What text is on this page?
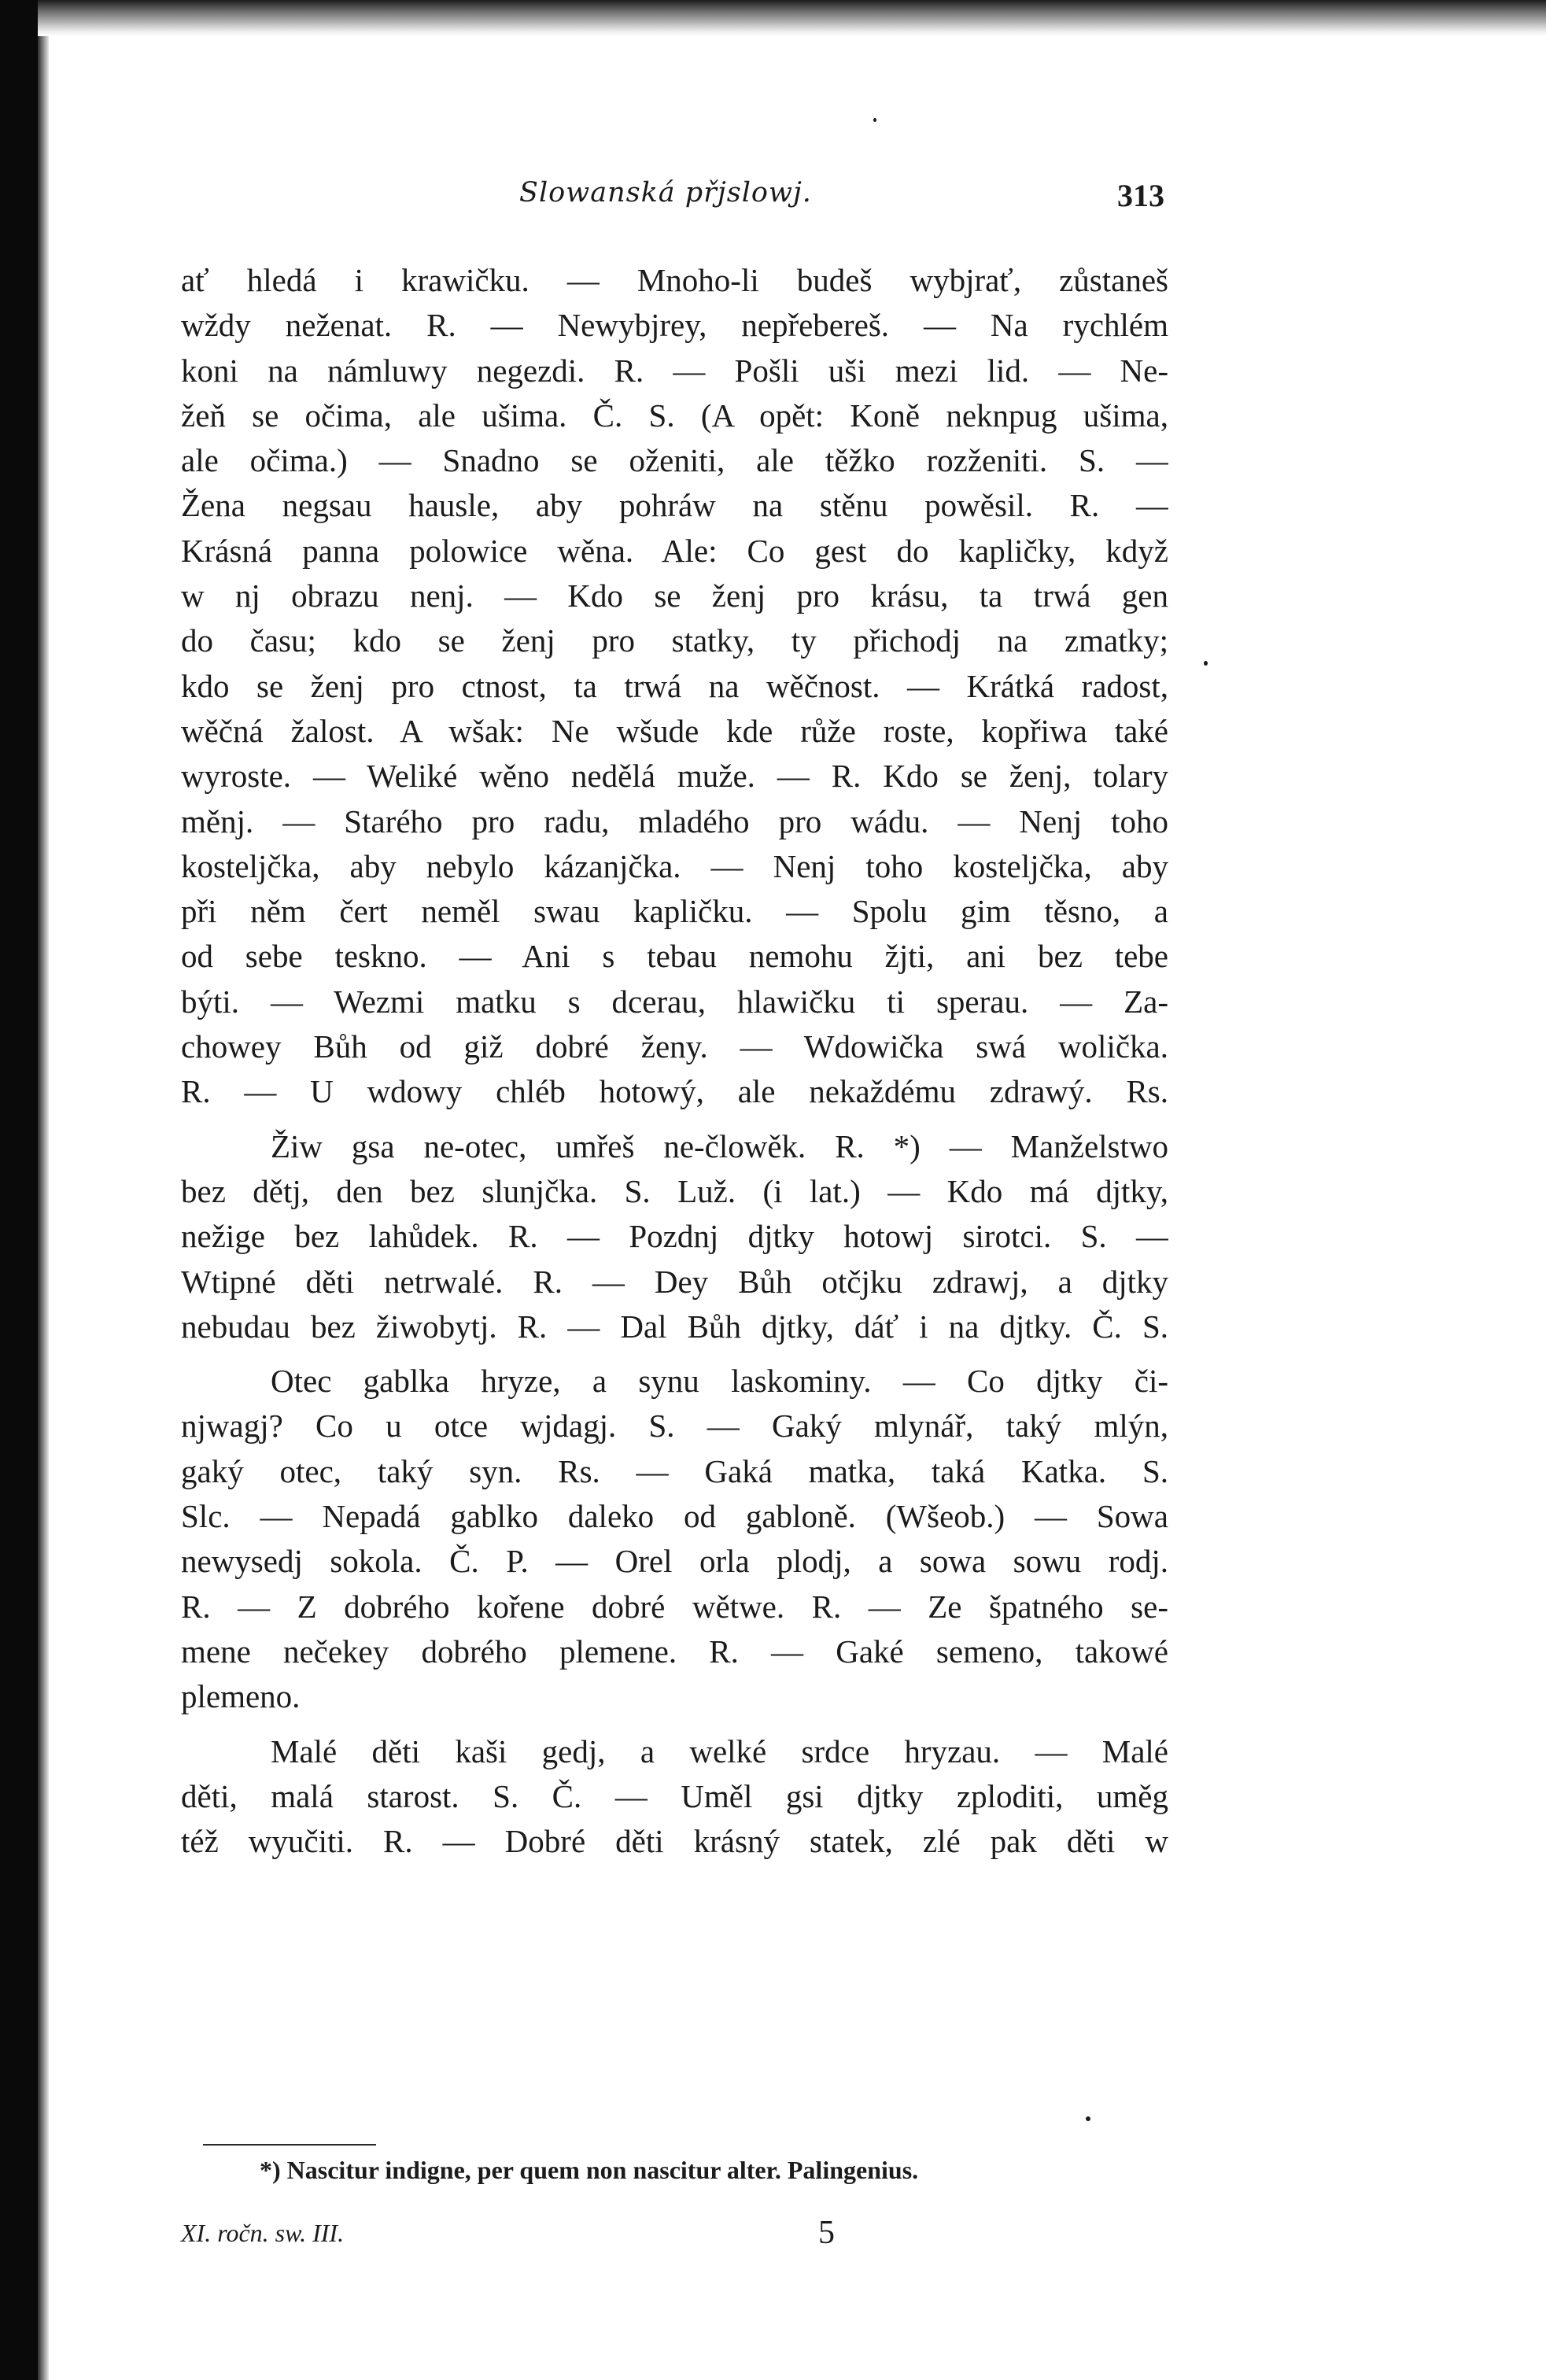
Slowanská přjslowj.	313

ať hledá i krawičku. — Mnoho-li budeš wybjrať, zůstaneš
wždy neženat. R. — Newybjrey, nepřeberеš. — Na rychlém
koni na námluwy negezdi. R. — Pošli uši mezi lid. — Ne-
žeň se očima, ale ušima. Č. S. (A opět: Koně neknpug ušima,
ale očima.) — Snadno se oženiti, ale těžko rozženiti. S. —
Žena negsau hausle, aby pohráw na stěnu powěsil. R. —
Krásná panna polowice wěna. Ale: Co gest do kapličky, když
w nj obrazu nenj. — Kdo se ženj pro krásu, ta trwá gen
do času; kdo se ženj pro statky, ty přichodj na zmatky;
kdo se ženj pro ctnost, ta trwá na wěčnost. — Krátká radost,
wěčná žalost. A wšak: Ne wšude kde růže roste, kopřiwa také
wyroste. — Weliké wěno nedělá muže. — R. Kdo se ženj, tolary
měnj. — Starého pro radu, mladého pro wádu. — Nenj toho
kosteljčka, aby nebylo kázanjčka. — Nenj toho kosteljčka, aby
při něm čert neměl swau kapličku. — Spolu gim těsno, a
od sebe teskno. — Ani s tebau nemohu žjti, ani bez tebe
býti. — Wezmi matku s dcerau, hlawičku ti sperau. — Za-
chowey Bůh od giž dobré ženy. — Wdowička swá wolička.
R. — U wdowy chléb hotowý, ale nekaždému zdrawý. Rs.

Žiw gsa ne-otec, umřeš ne-člowěk. R. *) — Manželstwo
bez dětj, den bez slunjčka. S. Luž. (i lat.) — Kdo má djtky,
nežige bez lahůdek. R. — Pozdnj djtky hotowj sirotci. S. —
Wtipné děti netrwalé. R. — Dey Bůh otčjku zdrawj, a djtky
nebudau bez žiwobytj. R. — Dal Bůh djtky, dáť i na djtky. Č. S.

Otec gablka hryze, a synu laskominy. — Co djtky či-
njwagj? Co u otce wjdagj. S. — Gaký mlynář, taký mlýn,
gaký otec, taký syn. Rs. — Gaká matka, taká Katka. S.
Slc. — Nepadá gablko daleko od gabloně. (Wšeob.) — Sowa
newysedj sokola. Č. P. — Orel orla plodj, a sowa sowu rodj.
R. — Z dobrého kořene dobré wětwe. R. — Ze špatného se-
mene nečekey dobrého plemene. R. — Gaké semeno, takowé
plemeno.

Malé děti kaši gedj, a welké srdce hryzau. — Malé
děti, malá starost. S. Č. — Uměl gsi djtky zploditi, uměg
též wyučiti. R. — Dobré děti krásný statek, zlé pak děti w

*) Nascitur indigne, per quem non nascitur alter. Palingenius.
XI. ročn. sw. III.	5
